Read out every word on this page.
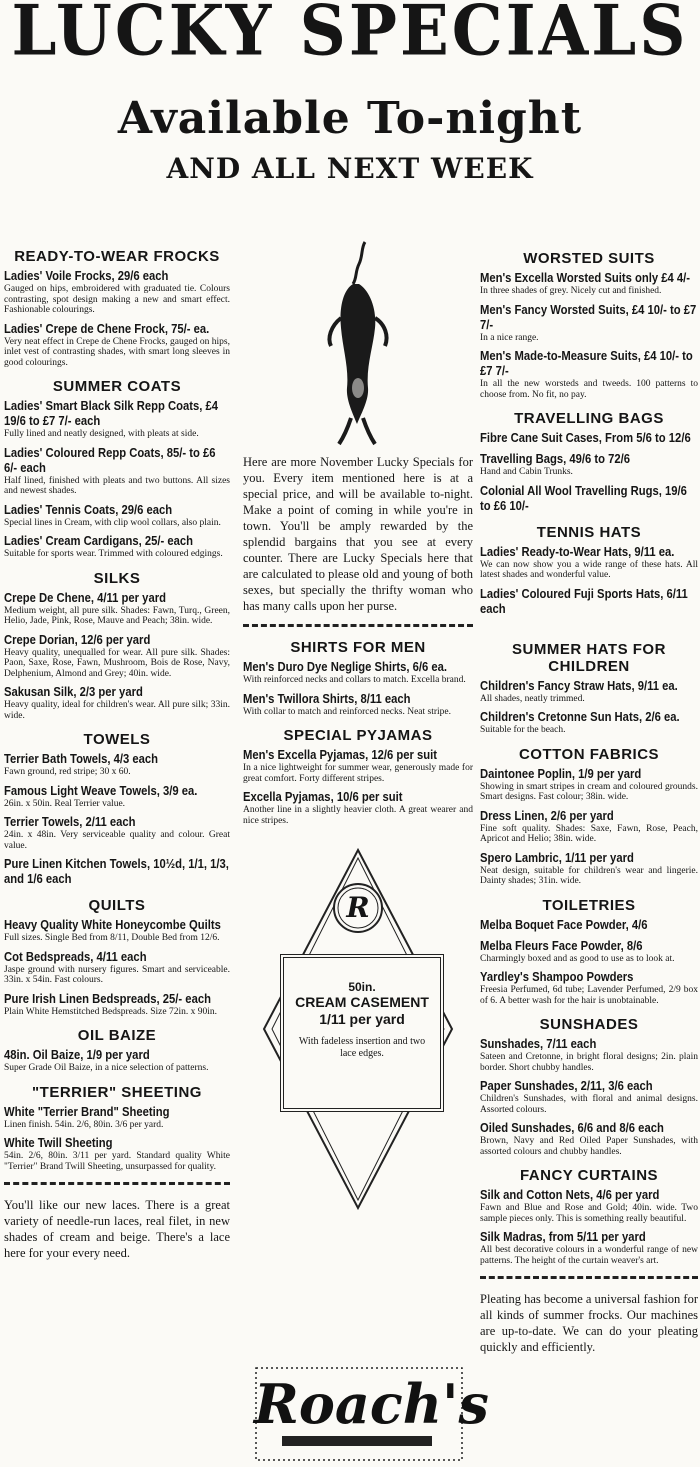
LUCKY SPECIALS
Available To-night
AND ALL NEXT WEEK
READY-TO-WEAR FROCKS
Ladies' Voile Frocks, 29/6 each
Gauged on hips, embroidered with graduated tie. Colours contrasting, spot design making a new and smart effect. Fashionable colourings.
Ladies' Crepe de Chene Frock, 75/- ea.
Very neat effect in Crepe de Chene Frocks, gauged on hips, inlet vest of contrasting shades, with smart long sleeves in good colourings.
SUMMER COATS
Ladies' Smart Black Silk Repp Coats, £4 19/6 to £7 7/- each
Fully lined and neatly designed, with pleats at side.
Ladies' Coloured Repp Coats, 85/- to £6 6/- each
Half lined, finished with pleats and two buttons. All sizes and newest shades.
Ladies' Tennis Coats, 29/6 each
Special lines in Cream, with clip wool collars, also plain.
Ladies' Cream Cardigans, 25/- each
Suitable for sports wear. Trimmed with coloured edgings.
SILKS
Crepe De Chene, 4/11 per yard
Medium weight, all pure silk. Shades: Fawn, Turq., Green, Helio, Jade, Pink, Rose, Mauve and Peach; 38in. wide.
Crepe Dorian, 12/6 per yard
Heavy quality, unequalled for wear. All pure silk. Shades: Paon, Saxe, Rose, Fawn, Mushroom, Bois de Rose, Navy, Delphenium, Almond and Grey; 40in. wide.
Sakusan Silk, 2/3 per yard
Heavy quality, ideal for children's wear. All pure silk; 33in. wide.
TOWELS
Terrier Bath Towels, 4/3 each
Fawn ground, red stripe; 30 x 60.
Famous Light Weave Towels, 3/9 ea.
26in. x 50in. Real Terrier value.
Terrier Towels, 2/11 each
24in. x 48in. Very serviceable quality and colour. Great value.
Pure Linen Kitchen Towels, 10½d, 1/1, 1/3, and 1/6 each
QUILTS
Heavy Quality White Honeycombe Quilts
Full sizes. Single Bed from 8/11, Double Bed from 12/6.
Cot Bedspreads, 4/11 each
Jaspe ground with nursery figures. Smart and serviceable. 33in. x 54in. Fast colours.
Pure Irish Linen Bedspreads, 25/- each
Plain White Hemstitched Bedspreads. Size 72in. x 90in.
OIL BAIZE
48in. Oil Baize, 1/9 per yard
Super Grade Oil Baize, in a nice selection of patterns.
"TERRIER" SHEETING
White "Terrier Brand" Sheeting
Linen finish. 54in. 2/6, 80in. 3/6 per yard.
White Twill Sheeting
54in. 2/6, 80in. 3/11 per yard. Standard quality White "Terrier" Brand Twill Sheeting, unsurpassed for quality.

You'll like our new laces. There is a great variety of needle-run laces, real filet, in new shades of cream and beige. There's a lace here for your every need.

Here are more November Lucky Specials for you. Every item mentioned here is at a special price, and will be available to-night. Make a point of coming in while you're in town. You'll be amply rewarded by the splendid bargains that you see at every counter. There are Lucky Specials here that are calculated to please old and young of both sexes, but specially the thrifty woman who has many calls upon her purse.

SHIRTS FOR MEN
Men's Duro Dye Neglige Shirts, 6/6 ea.
With reinforced necks and collars to match. Excella brand.
Men's Twillora Shirts, 8/11 each
With collar to match and reinforced necks. Neat stripe.
SPECIAL PYJAMAS
Men's Excella Pyjamas, 12/6 per suit
In a nice lightweight for summer wear, generously made for great comfort. Forty different stripes.
Excella Pyjamas, 10/6 per suit
Another line in a slightly heavier cloth. A great wearer and nice stripes.
R
50in.
CREAM CASEMENT
1/11 per yard
With fadeless insertion and two lace edges.
Roach's
WORSTED SUITS
Men's Excella Worsted Suits only £4 4/-
In three shades of grey. Nicely cut and finished.
Men's Fancy Worsted Suits, £4 10/- to £7 7/-
In a nice range.
Men's Made-to-Measure Suits, £4 10/- to £7 7/-
In all the new worsteds and tweeds. 100 patterns to choose from. No fit, no pay.
TRAVELLING BAGS
Fibre Cane Suit Cases, From 5/6 to 12/6
Travelling Bags, 49/6 to 72/6
Hand and Cabin Trunks.
Colonial All Wool Travelling Rugs, 19/6 to £6 10/-
TENNIS HATS
Ladies' Ready-to-Wear Hats, 9/11 ea.
We can now show you a wide range of these hats. All latest shades and wonderful value.
Ladies' Coloured Fuji Sports Hats, 6/11 each
SUMMER HATS FOR CHILDREN
Children's Fancy Straw Hats, 9/11 ea.
All shades, neatly trimmed.
Children's Cretonne Sun Hats, 2/6 ea.
Suitable for the beach.
COTTON FABRICS
Daintonee Poplin, 1/9 per yard
Showing in smart stripes in cream and coloured grounds. Smart designs. Fast colour; 38in. wide.
Dress Linen, 2/6 per yard
Fine soft quality. Shades: Saxe, Fawn, Rose, Peach, Apricot and Helio; 38in. wide.
Spero Lambric, 1/11 per yard
Neat design, suitable for children's wear and lingerie. Dainty shades; 31in. wide.
TOILETRIES
Melba Boquet Face Powder, 4/6
Melba Fleurs Face Powder, 8/6
Charmingly boxed and as good to use as to look at.
Yardley's Shampoo Powders
Freesia Perfumed, 6d tube; Lavender Perfumed, 2/9 box of 6. A better wash for the hair is unobtainable.
SUNSHADES
Sunshades, 7/11 each
Sateen and Cretonne, in bright floral designs; 2in. plain border. Short chubby handles.
Paper Sunshades, 2/11, 3/6 each
Children's Sunshades, with floral and animal designs. Assorted colours.
Oiled Sunshades, 6/6 and 8/6 each
Brown, Navy and Red Oiled Paper Sunshades, with assorted colours and chubby handles.
FANCY CURTAINS
Silk and Cotton Nets, 4/6 per yard
Fawn and Blue and Rose and Gold; 40in. wide. Two sample pieces only. This is something really beautiful.
Silk Madras, from 5/11 per yard
All best decorative colours in a wonderful range of new patterns. The height of the curtain weaver's art.

Pleating has become a universal fashion for all kinds of summer frocks. Our machines are up-to-date. We can do your pleating quickly and efficiently.
